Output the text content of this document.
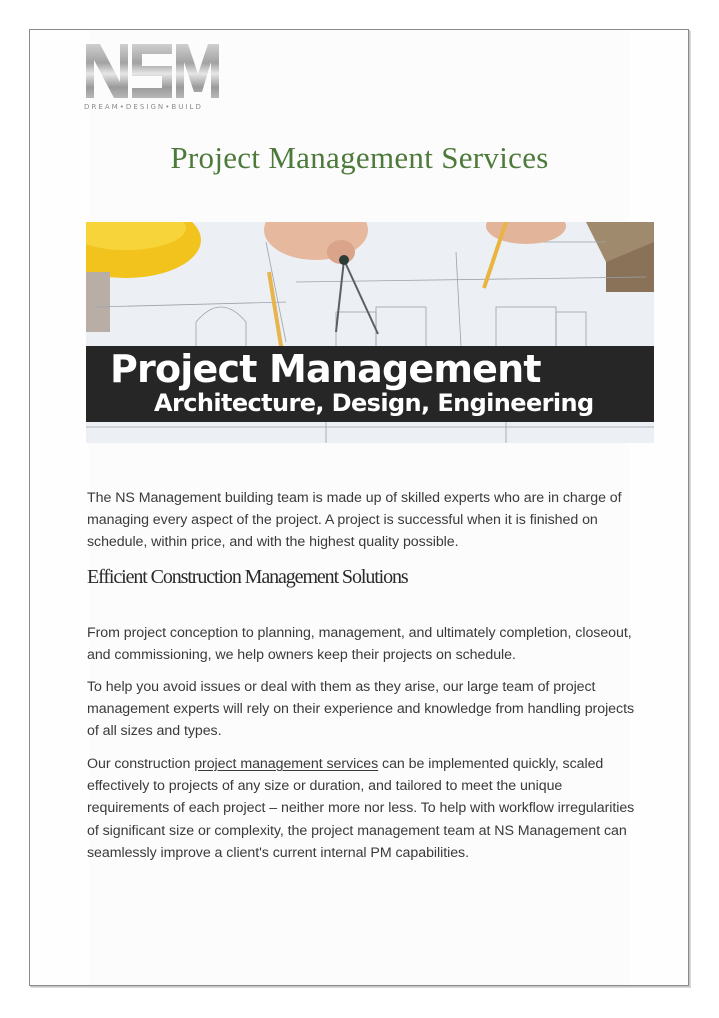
DREAM•DESIGN•BUILD
Project Management Services
Project Management
Architecture, Design, Engineering

The NS Management building team is made up of skilled experts who are in charge of managing every aspect of the project. A project is successful when it is finished on schedule, within price, and with the highest quality possible.

Efficient Construction Management Solutions

From project conception to planning, management, and ultimately completion, closeout, and commissioning, we help owners keep their projects on schedule.

To help you avoid issues or deal with them as they arise, our large team of project management experts will rely on their experience and knowledge from handling projects of all sizes and types.

Our construction project management services can be implemented quickly, scaled effectively to projects of any size or duration, and tailored to meet the unique requirements of each project – neither more nor less. To help with workflow irregularities of significant size or complexity, the project management team at NS Management can seamlessly improve a client's current internal PM capabilities.
